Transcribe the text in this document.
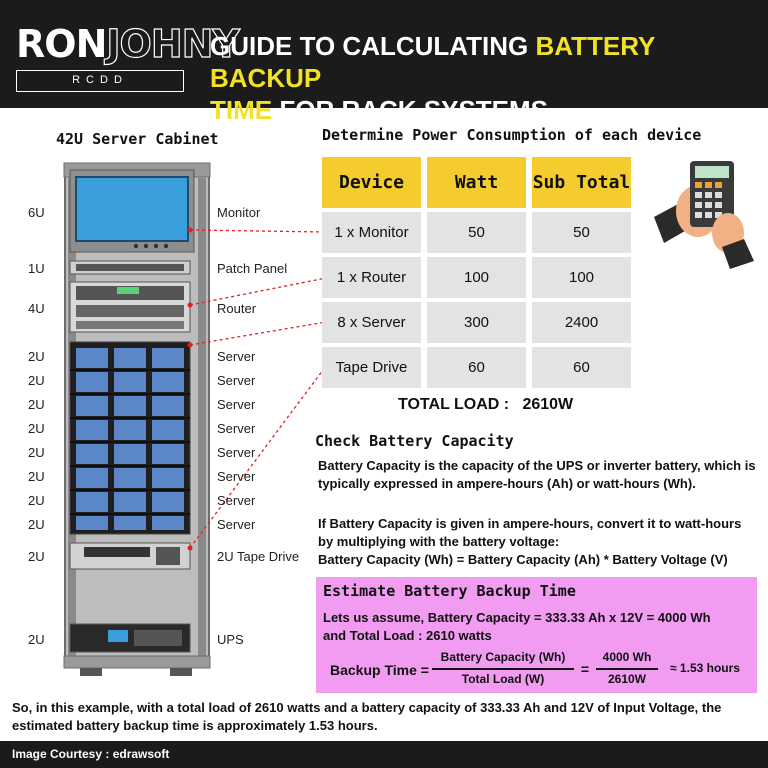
RONJOHNY
RCDD
GUIDE TO CALCULATING BATTERY BACKUP
TIME FOR RACK SYSTEMS
42U Server Cabinet
6U	Monitor
1U	Patch Panel
4U	Router
2U	Server
2U	Server
2U	Server
2U	Server
2U	Server
2U	Server
2U	Server
2U	Server
2U	2U Tape Drive
2U	UPS
Determine Power Consumption of each device
Device	Watt	Sub Total
1 x Monitor	50	50
1 x Router	100	100
8 x Server	300	2400
Tape Drive	60	60
TOTAL LOAD : 2610W
Check Battery Capacity
Battery Capacity is the capacity of the UPS or inverter battery, which is typically expressed in ampere-hours (Ah) or watt-hours (Wh).
If Battery Capacity is given in ampere-hours, convert it to watt-hours by multiplying with the battery voltage:
Battery Capacity (Wh) = Battery Capacity (Ah) * Battery Voltage (V)
Estimate Battery Backup Time
Lets us assume, Battery Capacity = 333.33 Ah x 12V = 4000 Wh
and Total Load : 2610 watts
Backup Time =
Battery Capacity (Wh)
Total Load (W)
=
4000 Wh
2610W
≈ 1.53 hours
So, in this example, with a total load of 2610 watts and a battery capacity of 333.33 Ah and 12V of Input Voltage, the estimated battery backup time is approximately 1.53 hours.
Image Courtesy : edrawsoft
